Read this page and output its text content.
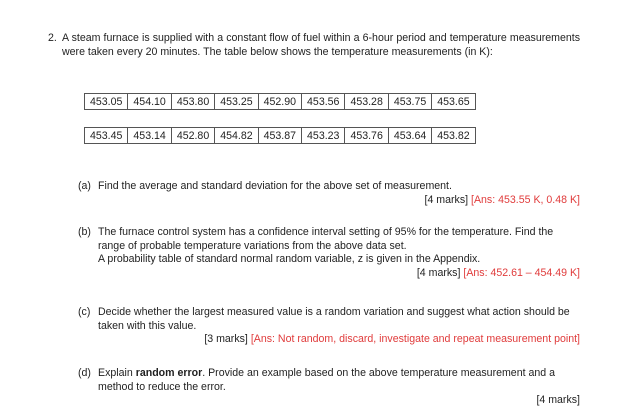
2. A steam furnace is supplied with a constant flow of fuel within a 6-hour period and temperature measurements were taken every 20 minutes. The table below shows the temperature measurements (in K):
453.05	454.10	453.80	453.25	452.90	453.56	453.28	453.75	453.65
453.45	453.14	452.80	454.82	453.87	453.23	453.76	453.64	453.82
(a) Find the average and standard deviation for the above set of measurement.
[4 marks] [Ans: 453.55 K, 0.48 K]
(b) The furnace control system has a confidence interval setting of 95% for the temperature. Find the range of probable temperature variations from the above data set.
A probability table of standard normal random variable, z is given in the Appendix.
[4 marks] [Ans: 452.61 – 454.49 K]
(c) Decide whether the largest measured value is a random variation and suggest what action should be taken with this value.
[3 marks] [Ans: Not random, discard, investigate and repeat measurement point]
(d) Explain random error. Provide an example based on the above temperature measurement and a method to reduce the error.
[4 marks]
